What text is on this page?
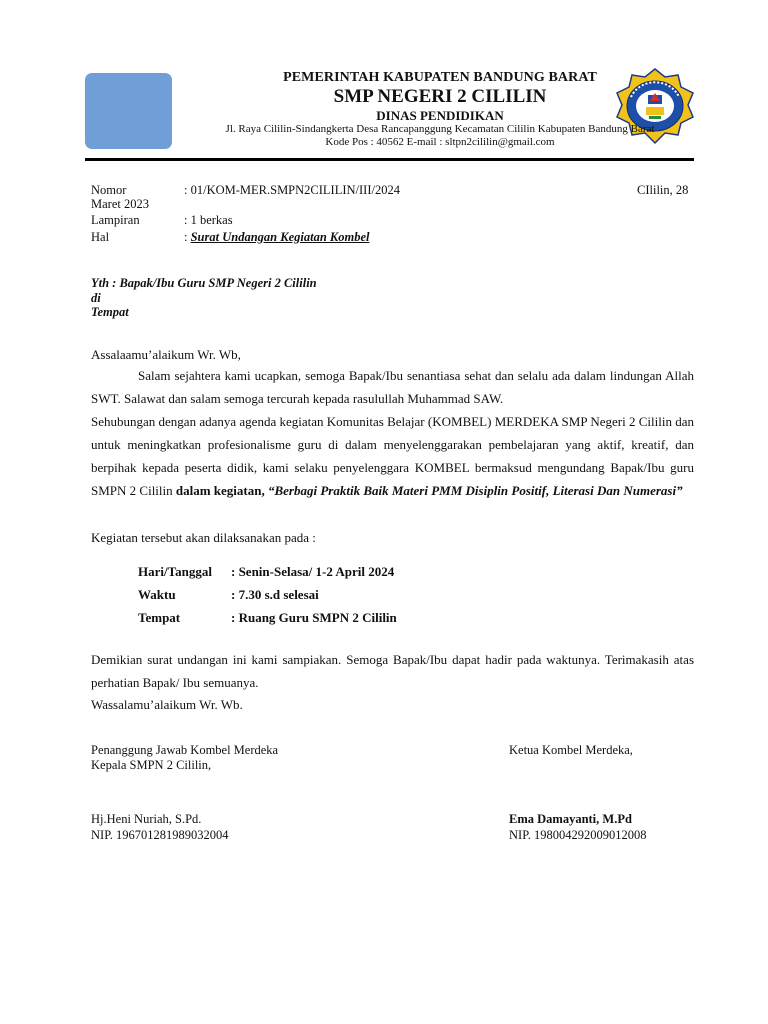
PEMERINTAH KABUPATEN BANDUNG BARAT
SMP NEGERI 2 CILILIN
DINAS PENDIDIKAN
Jl. Raya Cililin-Sindangkerta Desa Rancapanggung Kecamatan Cililin Kabupaten Bandung Barat
Kode Pos : 40562 E-mail : sltpn2cililin@gmail.com
Nomor	: 01/KOM-MER.SMPN2CILILIN/III/2024	CIlilin, 28
Maret 2023
Lampiran	: 1 berkas
Hal	: Surat Undangan Kegiatan Kombel
Yth : Bapak/Ibu Guru SMP Negeri 2 Cililin
di
Tempat
Assalaamu’alaikum Wr. Wb,
Salam sejahtera kami ucapkan, semoga Bapak/Ibu senantiasa sehat dan selalu ada dalam lindungan Allah SWT. Salawat dan salam semoga tercurah kepada rasulullah Muhammad SAW.
Sehubungan dengan adanya agenda kegiatan Komunitas Belajar (KOMBEL) MERDEKA SMP Negeri 2 Cililin dan untuk meningkatkan profesionalisme guru di dalam menyelenggarakan pembelajaran yang aktif, kreatif, dan berpihak kepada peserta didik, kami selaku penyelenggara KOMBEL bermaksud mengundang Bapak/Ibu guru SMPN 2 Cililin dalam kegiatan, “Berbagi Praktik Baik Materi PMM Disiplin Positif, Literasi Dan Numerasi”
Kegiatan tersebut akan dilaksanakan pada :
Hari/Tanggal	: Senin-Selasa/ 1-2 April 2024
Waktu	: 7.30 s.d selesai
Tempat	: Ruang Guru SMPN 2 Cililin
Demikian surat undangan ini kami sampiakan. Semoga Bapak/Ibu dapat hadir pada waktunya. Terimakasih atas perhatian Bapak/ Ibu semuanya.
Wassalamu’alaikum Wr. Wb.
Penanggung Jawab Kombel Merdeka
Kepala SMPN 2 Cililin,
Ketua Kombel Merdeka,
Hj.Heni Nuriah, S.Pd.
NIP. 196701281989032004
Ema Damayanti, M.Pd
NIP. 198004292009012008
